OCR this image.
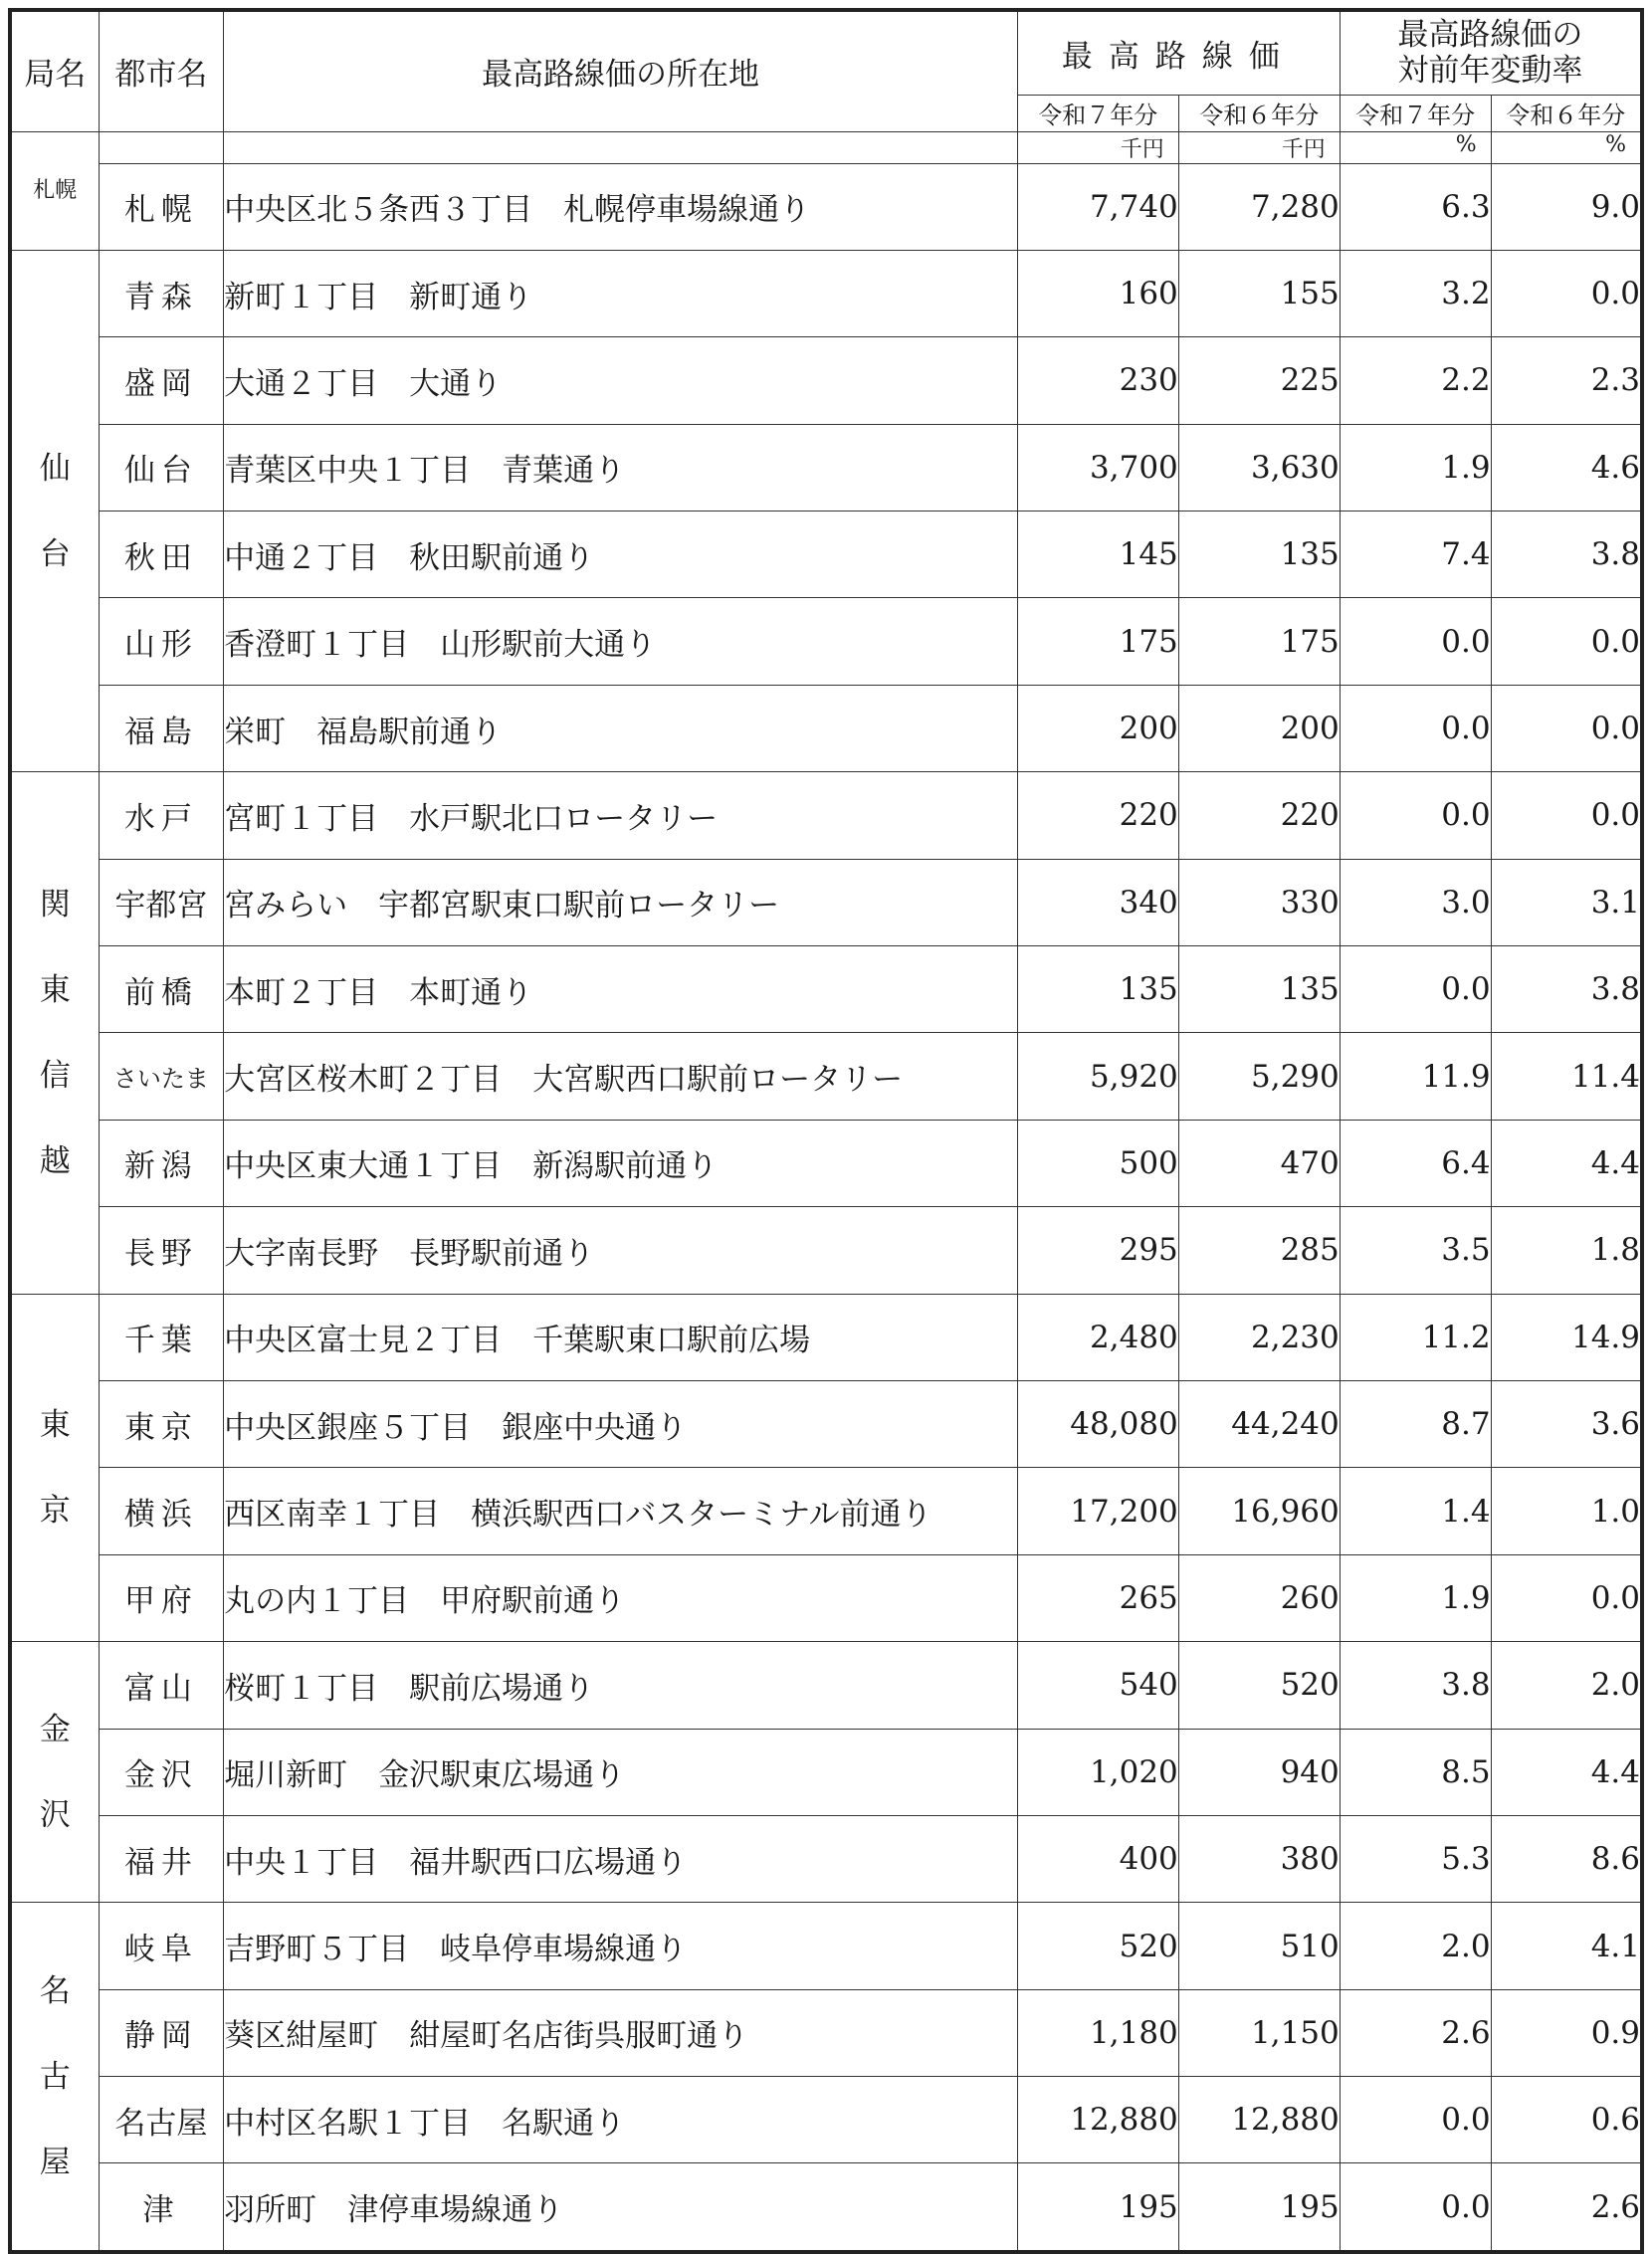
局名	都市名	最高路線価の所在地	最高路線価		最高路線価の
対前年変動率	

			令和７年分	令和６年分	令和７年分	令和６年分

札幌			千円	千円	%	%
	札幌	中央区北５条西３丁目　札幌停車場線通り	7,740	7,280	6.3	9.0

仙
台	青森	新町１丁目　新町通り	160	155	3.2	0.0
	盛岡	大通２丁目　大通り	230	225	2.2	2.3
	仙台	青葉区中央１丁目　青葉通り	3,700	3,630	1.9	4.6
	秋田	中通２丁目　秋田駅前通り	145	135	7.4	3.8
	山形	香澄町１丁目　山形駅前大通り	175	175	0.0	0.0
	福島	栄町　福島駅前通り	200	200	0.0	0.0

関
東
信
越	水戸	宮町１丁目　水戸駅北口ロータリー	220	220	0.0	0.0
	宇都宮	宮みらい　宇都宮駅東口駅前ロータリー	340	330	3.0	3.1
	前橋	本町２丁目　本町通り	135	135	0.0	3.8
	さいたま	大宮区桜木町２丁目　大宮駅西口駅前ロータリー	5,920	5,290	11.9	11.4
	新潟	中央区東大通１丁目　新潟駅前通り	500	470	6.4	4.4
	長野	大字南長野　長野駅前通り	295	285	3.5	1.8

東
京	千葉	中央区富士見２丁目　千葉駅東口駅前広場	2,480	2,230	11.2	14.9
	東京	中央区銀座５丁目　銀座中央通り	48,080	44,240	8.7	3.6
	横浜	西区南幸１丁目　横浜駅西口バスターミナル前通り	17,200	16,960	1.4	1.0
	甲府	丸の内１丁目　甲府駅前通り	265	260	1.9	0.0

金
沢	富山	桜町１丁目　駅前広場通り	540	520	3.8	2.0
	金沢	堀川新町　金沢駅東広場通り	1,020	940	8.5	4.4
	福井	中央１丁目　福井駅西口広場通り	400	380	5.3	8.6

名
古
屋	岐阜	吉野町５丁目　岐阜停車場線通り	520	510	2.0	4.1
	静岡	葵区紺屋町　紺屋町名店街呉服町通り	1,180	1,150	2.6	0.9
	名古屋	中村区名駅１丁目　名駅通り	12,880	12,880	0.0	0.6
	津	羽所町　津停車場線通り	195	195	0.0	2.6
